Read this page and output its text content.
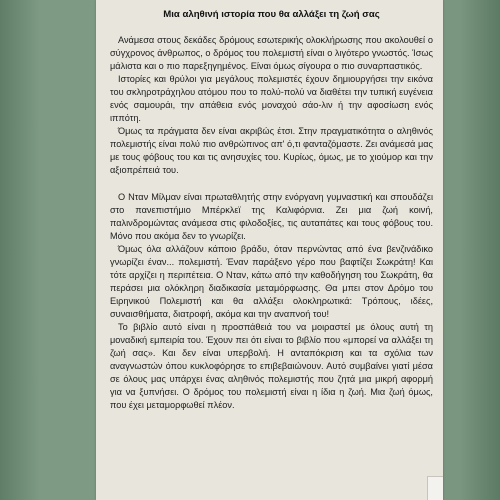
Μια αληθινή ιστορία που θα αλλάξει τη ζωή σας

Ανάμεσα στους δεκάδες δρόμους εσωτερικής ολοκλήρωσης που ακολουθεί ο σύγχρονος άνθρωπος, ο δρόμος του πολεμιστή είναι ο λιγότερο γνωστός. Ίσως μάλιστα και ο πιο παρεξηγημένος. Είναι όμως σίγουρα ο πιο συναρπαστικός.

Ιστορίες και θρύλοι για μεγάλους πολεμιστές έχουν δημιουργήσει την εικόνα του σκληροτράχηλου ατόμου που το πολύ-πολύ να διαθέτει την τυπική ευγένεια ενός σαμουράι, την απάθεια ενός μοναχού σάο-λιν ή την αφοσίωση ενός ιππότη.

Όμως τα πράγματα δεν είναι ακριβώς έτσι. Στην πραγματικότητα ο αληθινός πολεμιστής είναι πολύ πιο ανθρώπινος απ' ό,τι φανταζόμαστε. Ζει ανάμεσά μας με τους φόβους του και τις ανησυχίες του. Κυρίως, όμως, με το χιούμορ και την αξιοπρέπειά του.

Ο Νταν Μίλμαν είναι πρωταθλητής στην ενόργανη γυμναστική και σπουδάζει στο πανεπιστήμιο Μπέρκλεϊ της Καλιφόρνια. Ζει μια ζωή κοινή, παλινδρομώντας ανάμεσα στις φιλοδοξίες, τις αυταπάτες και τους φόβους του. Μόνο που ακόμα δεν το γνωρίζει.

Όμως όλα αλλάζουν κάποιο βράδυ, όταν περνώντας από ένα βενζινάδικο γνωρίζει έναν... πολεμιστή. Έναν παράξενο γέρο που βαφτίζει Σωκράτη! Και τότε αρχίζει η περιπέτεια. Ο Νταν, κάτω από την καθοδήγηση του Σωκράτη, θα περάσει μια ολόκληρη διαδικασία μεταμόρφωσης. Θα μπει στον Δρόμο του Ειρηνικού Πολεμιστή και θα αλλάξει ολοκληρωτικά: Τρόπους, ιδέες, συναισθήματα, διατροφή, ακόμα και την αναπνοή του!

Το βιβλίο αυτό είναι η προσπάθειά του να μοιραστεί με όλους αυτή τη μοναδική εμπειρία του. Έχουν πει ότι είναι το βιβλίο που «μπορεί να αλλάξει τη ζωή σας». Και δεν είναι υπερβολή. Η ανταπόκριση και τα σχόλια των αναγνωστών όπου κυκλοφόρησε το επιβεβαιώνουν. Αυτό συμβαίνει γιατί μέσα σε όλους μας υπάρχει ένας αληθινός πολεμιστής που ζητά μια μικρή αφορμή για να ξυπνήσει. Ο δρόμος του πολεμιστή είναι η ίδια η ζωή. Μια ζωή όμως, που έχει μεταμορφωθεί πλέον.
